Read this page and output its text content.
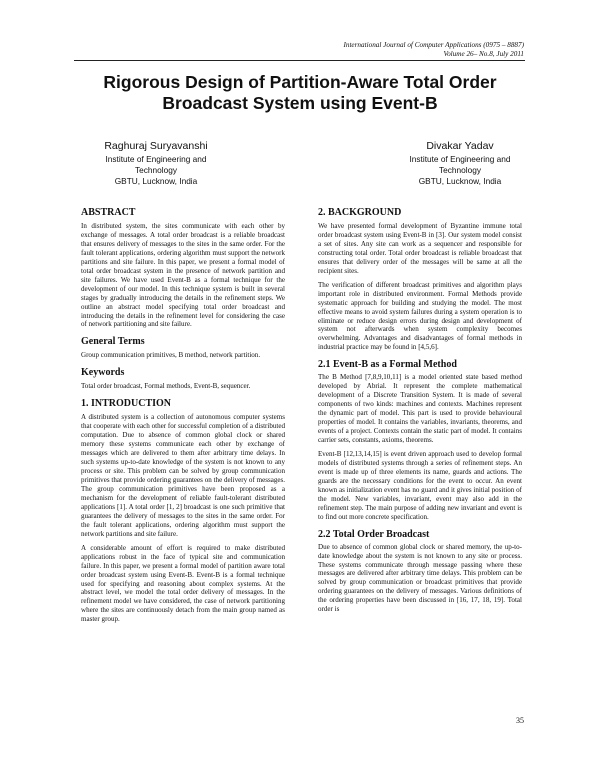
International Journal of Computer Applications (0975 – 8887)
Volume 26– No.8, July 2011
Rigorous Design of Partition-Aware Total Order
Broadcast System using Event-B
Raghuraj Suryavanshi
Institute of Engineering and
Technology
GBTU, Lucknow, India
Divakar Yadav
Institute of Engineering and
Technology
GBTU, Lucknow, India
ABSTRACT

In distributed system, the sites communicate with each other by exchange of messages. A total order broadcast is a reliable broadcast that ensures delivery of messages to the sites in the same order. For the fault tolerant applications, ordering algorithm must support the network partitions and site failure. In this paper, we present a formal model of total order broadcast system in the presence of network partition and site failures. We have used Event-B as a formal technique for the development of our model. In this technique system is built in several stages by gradually introducing the details in the refinement steps. We outline an abstract model specifying total order broadcast and introducing the details in the refinement level for considering the case of network partitioning and site failure.

General Terms

Group communication primitives, B method, network partition.

Keywords

Total order broadcast, Formal methods, Event-B, sequencer.

1. INTRODUCTION

A distributed system is a collection of autonomous computer systems that cooperate with each other for successful completion of a distributed computation. Due to absence of common global clock or shared memory these systems communicate each other by exchange of messages which are delivered to them after arbitrary time delays. In such systems up-to-date knowledge of the system is not known to any process or site. This problem can be solved by group communication primitives that provide ordering guarantees on the delivery of messages. The group communication primitives have been proposed as a mechanism for the development of reliable fault-tolerant distributed applications [1]. A total order [1, 2] broadcast is one such primitive that guarantees the delivery of messages to the sites in the same order. For the fault tolerant applications, ordering algorithm must support the network partitions and site failure.

A considerable amount of effort is required to make distributed applications robust in the face of typical site and communication failure. In this paper, we present a formal model of partition aware total order broadcast system using Event-B. Event-B is a formal technique used for specifying and reasoning about complex systems. At the abstract level, we model the total order delivery of messages. In the refinement model we have considered, the case of network partitioning where the sites are continuously detach from the main group named as master group.

2. BACKGROUND

We have presented formal development of Byzantine immune total order broadcast system using Event-B in [3]. Our system model consist a set of sites. Any site can work as a sequencer and responsible for constructing total order. Total order broadcast is reliable broadcast that ensures that delivery order of the messages will be same at all the recipient sites.

The verification of different broadcast primitives and algorithm plays important role in distributed environment. Formal Methods provide systematic approach for building and studying the model. The most effective means to avoid system failures during a system operation is to eliminate or reduce design errors during design and development of system not afterwards when system complexity becomes overwhelming. Advantages and disadvantages of formal methods in industrial practice may be found in [4,5,6].

2.1 Event-B as a Formal Method

The B Method [7,8,9,10,11] is a model oriented state based method developed by Abrial. It represent the complete mathematical development of a Discrete Transition System. It is made of several components of two kinds: machines and contexts. Machines represent the dynamic part of model. This part is used to provide behavioural properties of model. It contains the variables, invariants, theorems, and events of a project. Contexts contain the static part of model. It contains carrier sets, constants, axioms, theorems.

Event-B [12,13,14,15] is event driven approach used to develop formal models of distributed systems through a series of refinement steps. An event is made up of three elements its name, guards and actions. The guards are the necessary conditions for the event to occur. An event known as initialization event has no guard and it gives initial position of the model. New variables, invariant, event may also add in the refinement step. The main purpose of adding new invariant and event is to find out more concrete specification.

2.2 Total Order Broadcast

Due to absence of common global clock or shared memory, the up-to-date knowledge about the system is not known to any site or process. These systems communicate through message passing where these messages are delivered after arbitrary time delays. This problem can be solved by group communication or broadcast primitives that provide ordering guarantees on the delivery of messages. Various definitions of the ordering properties have been discussed in [16, 17, 18, 19]. Total order is

35
